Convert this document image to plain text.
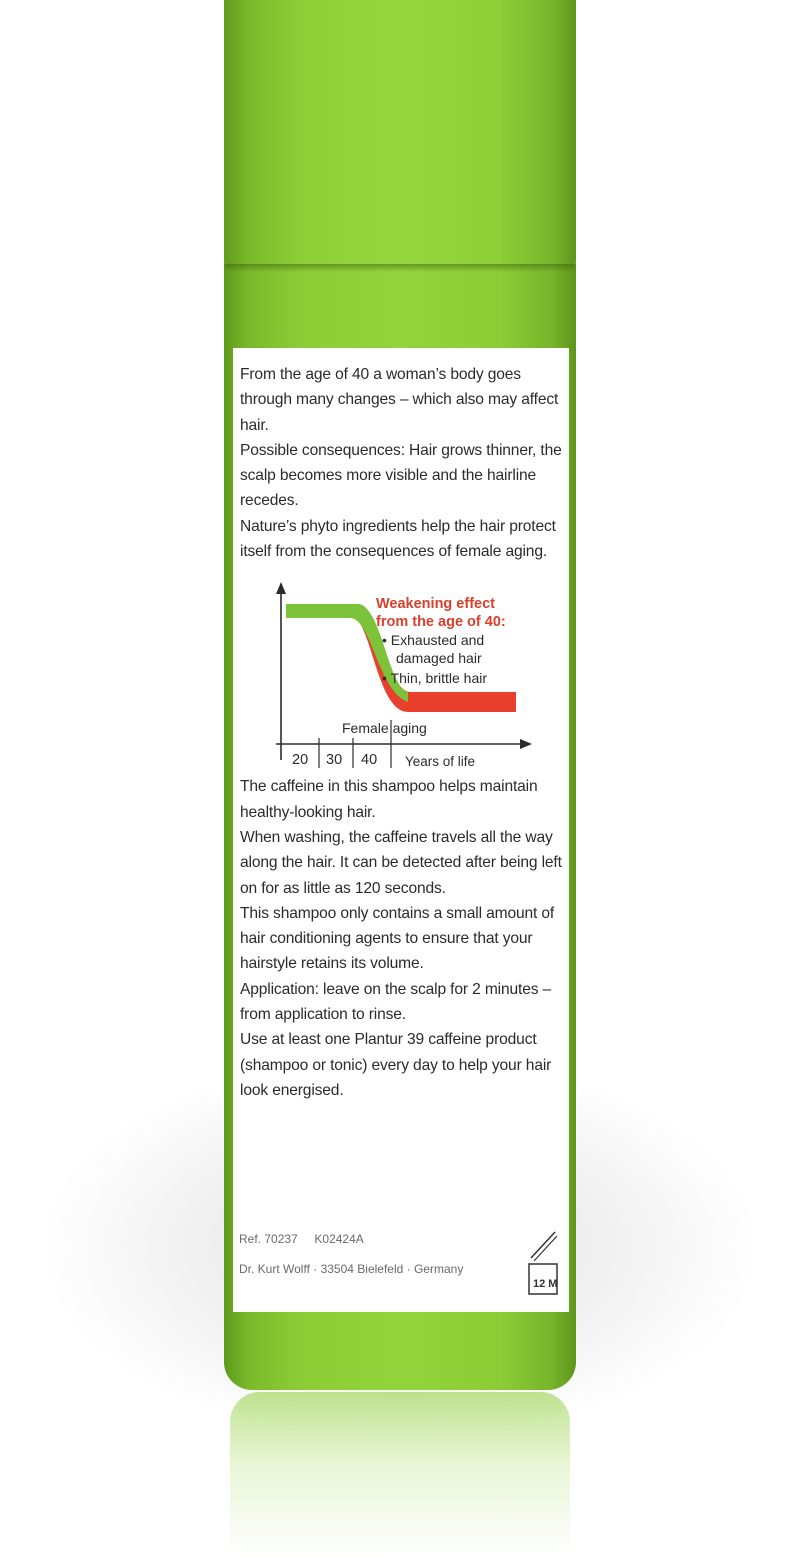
From the age of 40 a woman’s body goes through many changes – which also may affect hair.

Possible consequences: Hair grows thinner, the scalp becomes more visible and the hairline recedes.

Nature’s phyto ingredients help the hair protect itself from the consequences of female aging.

Weakening effect
from the age of 40:
• Exhausted and
damaged hair
• Thin, brittle hair
Female aging
20 30 40 Years of life

The caffeine in this shampoo helps maintain healthy-looking hair.

When washing, the caffeine travels all the way along the hair. It can be detected after being left on for as little as 120 seconds.

This shampoo only contains a small amount of hair conditioning agents to ensure that your hairstyle retains its volume.

Application: leave on the scalp for 2 minutes – from application to rinse.

Use at least one Plantur 39 caffeine product (shampoo or tonic) every day to help your hair look energised.

Ref. 70237 K02424A
Dr. Kurt Wolff · 33504 Bielefeld · Germany
12 M
